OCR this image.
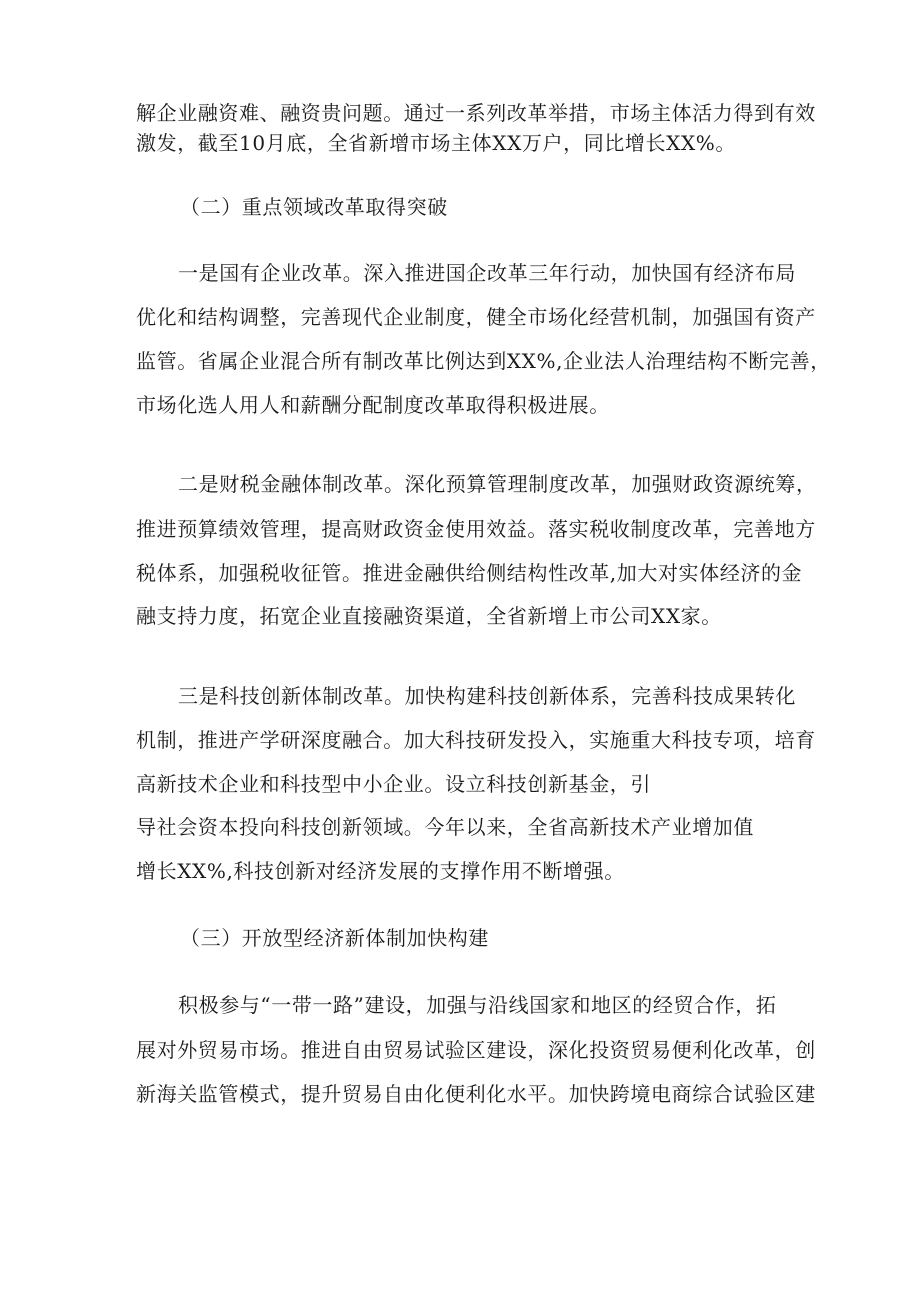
解企业融资难、融资贵问题。通过一系列改革举措，市场主体活力得到有效
激发，截至10月底，全省新增市场主体XX万户，同比增长XX%。
（二）重点领域改革取得突破
一是国有企业改革。深入推进国企改革三年行动，加快国有经济布局
优化和结构调整，完善现代企业制度，健全市场化经营机制，加强国有资产
监管。省属企业混合所有制改革比例达到XX%,企业法人治理结构不断完善，
市场化选人用人和薪酬分配制度改革取得积极进展。
二是财税金融体制改革。深化预算管理制度改革，加强财政资源统筹，
推进预算绩效管理，提高财政资金使用效益。落实税收制度改革，完善地方
税体系，加强税收征管。推进金融供给侧结构性改革,加大对实体经济的金
融支持力度，拓宽企业直接融资渠道，全省新增上市公司XX家。
三是科技创新体制改革。加快构建科技创新体系，完善科技成果转化
机制，推进产学研深度融合。加大科技研发投入，实施重大科技专项，培育
高新技术企业和科技型中小企业。设立科技创新基金，引
导社会资本投向科技创新领域。今年以来，全省高新技术产业增加值
增长XX%,科技创新对经济发展的支撑作用不断增强。
（三）开放型经济新体制加快构建
积极参与“一带一路”建设，加强与沿线国家和地区的经贸合作，拓
展对外贸易市场。推进自由贸易试验区建设，深化投资贸易便利化改革，创
新海关监管模式，提升贸易自由化便利化水平。加快跨境电商综合试验区建
